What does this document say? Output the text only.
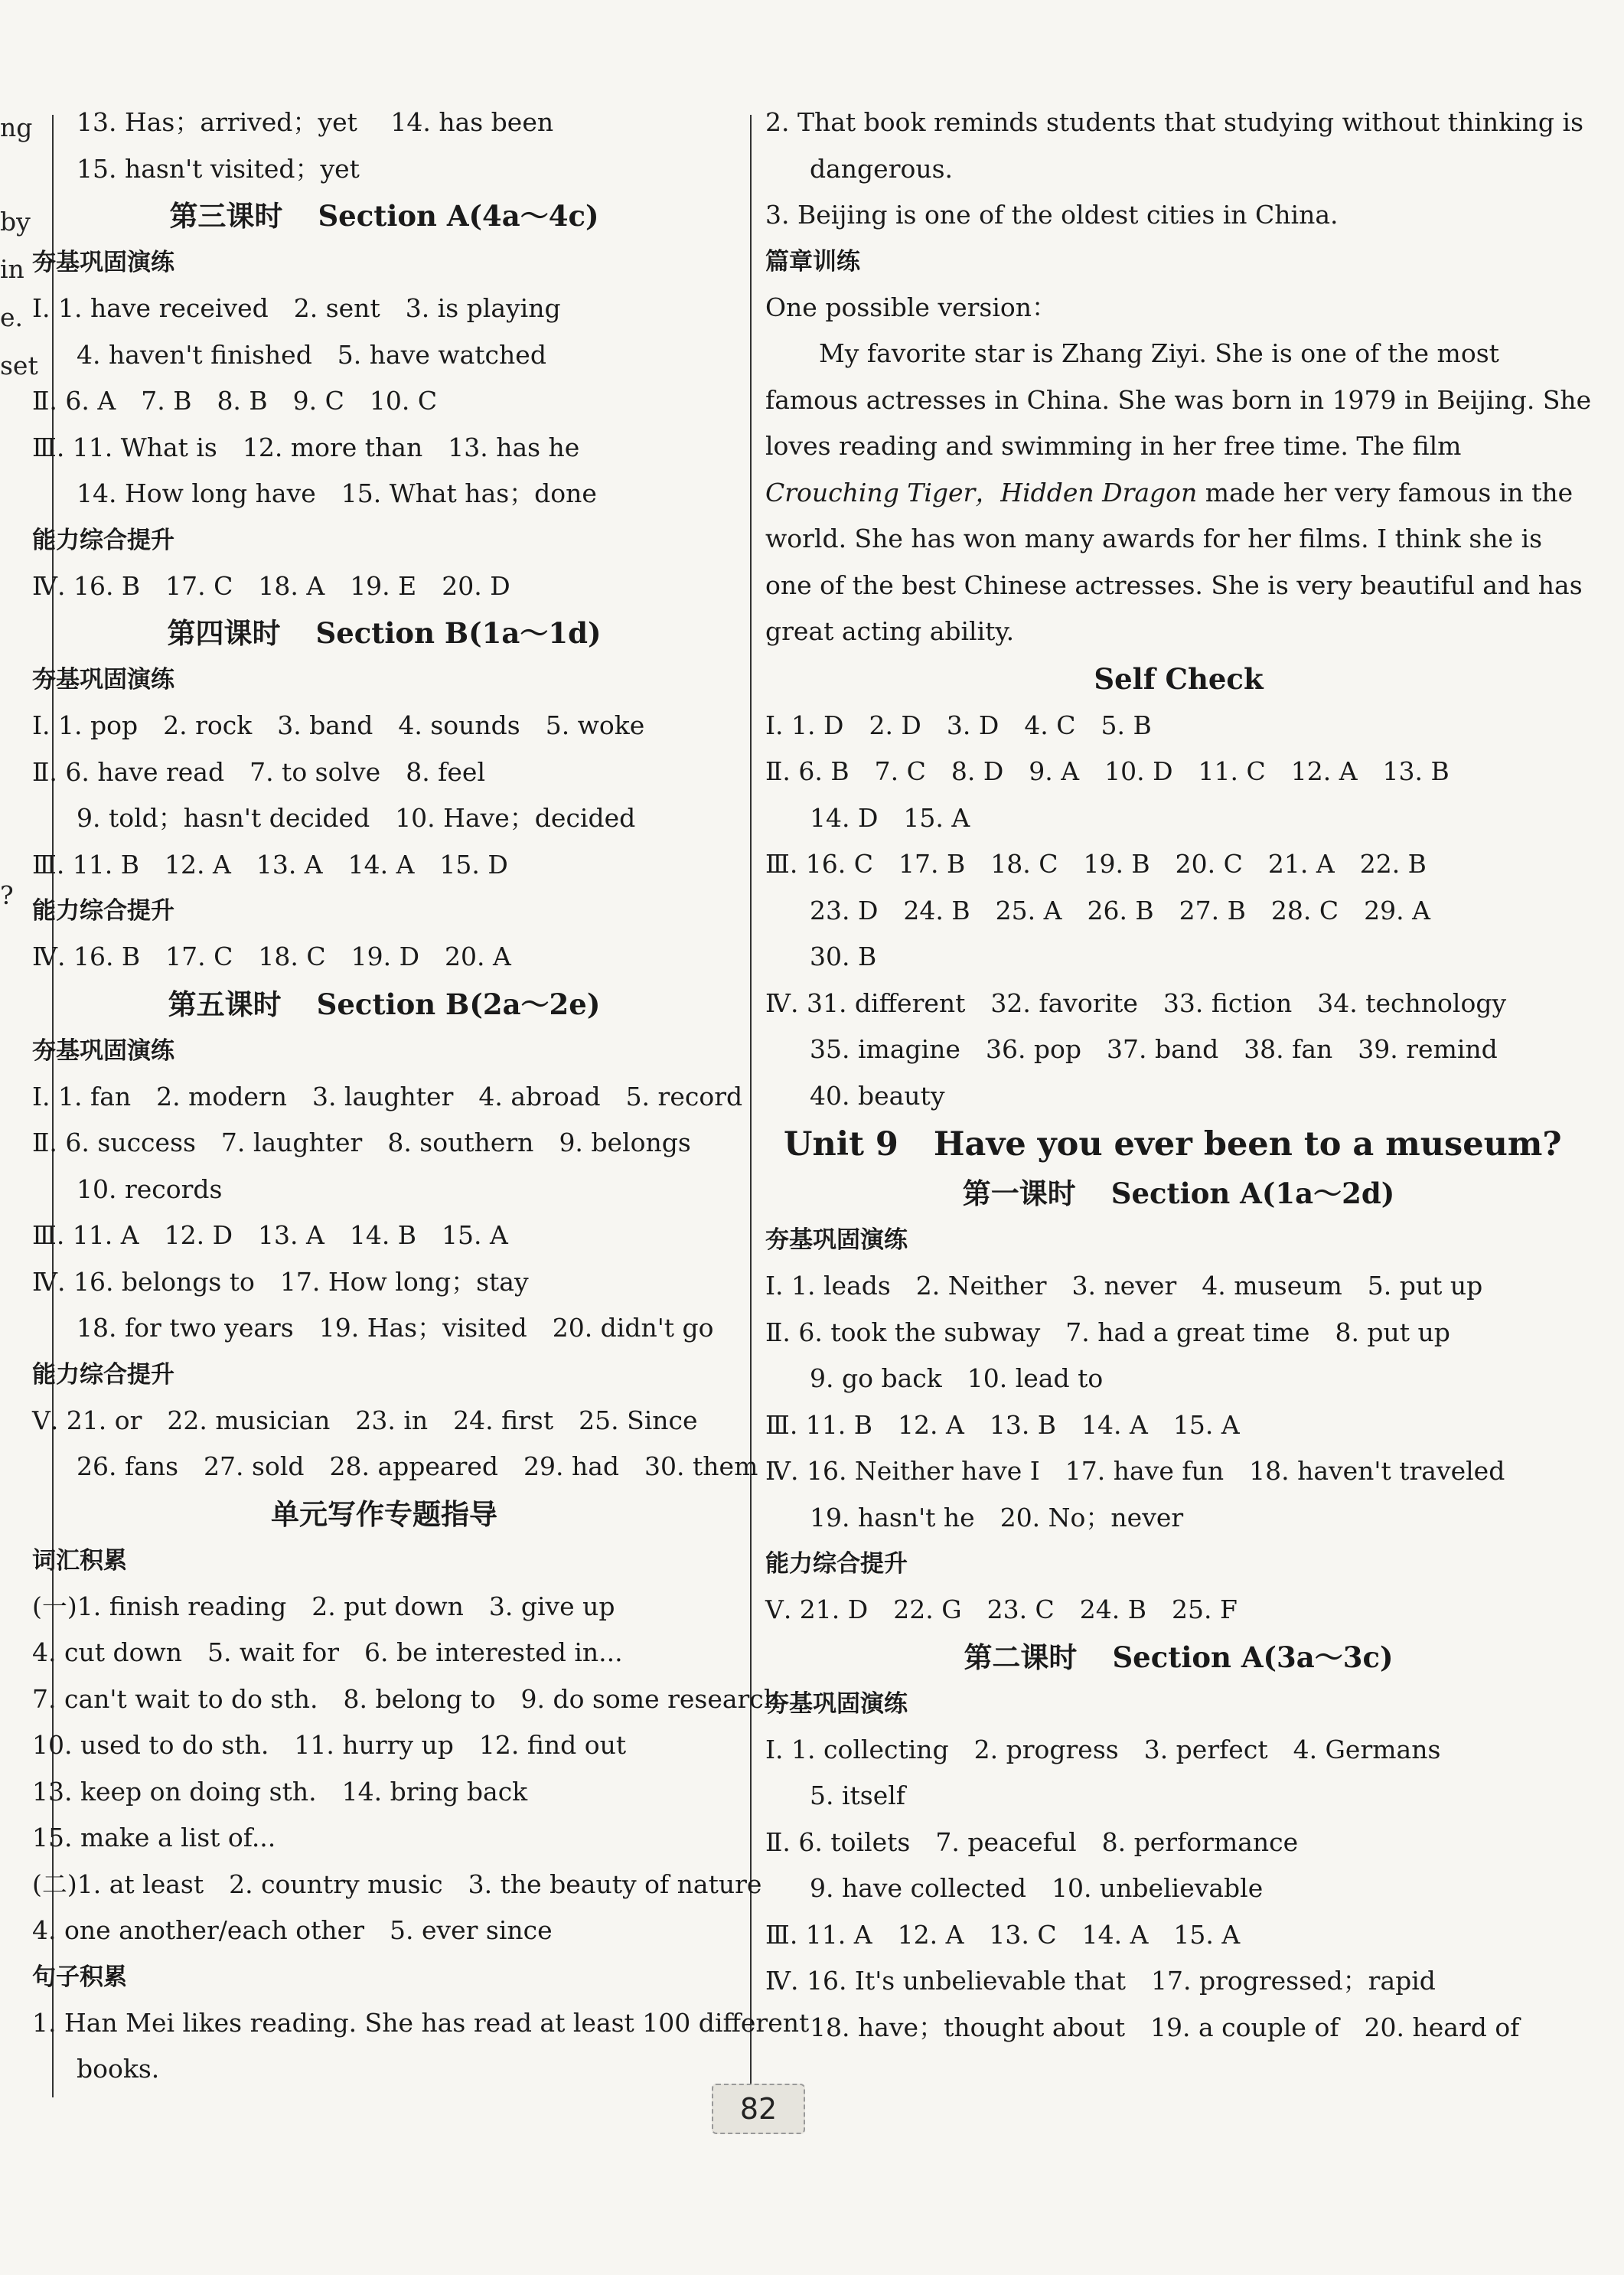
ng
by
in
e.
set
?
13. Has；arrived；yet　 14. has been
15. hasn't visited；yet
第三课时 Section A(4a～4c)
夯基巩固演练
Ⅰ. 1. have received　2. sent　3. is playing
4. haven't finished　5. have watched
Ⅱ. 6. A　7. B　8. B　9. C　10. C
Ⅲ. 11. What is　12. more than　13. has he
14. How long have　15. What has；done
能力综合提升
Ⅳ. 16. B　17. C　18. A　19. E　20. D
第四课时 Section B(1a～1d)
夯基巩固演练
Ⅰ. 1. pop　2. rock　3. band　4. sounds　5. woke
Ⅱ. 6. have read　7. to solve　8. feel
9. told；hasn't decided　10. Have；decided
Ⅲ. 11. B　12. A　13. A　14. A　15. D
能力综合提升
Ⅳ. 16. B　17. C　18. C　19. D　20. A
第五课时 Section B(2a～2e)
夯基巩固演练
Ⅰ. 1. fan　2. modern　3. laughter　4. abroad　5. record
Ⅱ. 6. success　7. laughter　8. southern　9. belongs
10. records
Ⅲ. 11. A　12. D　13. A　14. B　15. A
Ⅳ. 16. belongs to　17. How long；stay
18. for two years　19. Has；visited　20. didn't go
能力综合提升
Ⅴ. 21. or　22. musician　23. in　24. first　25. Since
26. fans　27. sold　28. appeared　29. had　30. them
单元写作专题指导
词汇积累
(一)1. finish reading　2. put down　3. give up
4. cut down　5. wait for　6. be interested in...
7. can't wait to do sth.　8. belong to　9. do some research
10. used to do sth.　11. hurry up　12. find out
13. keep on doing sth.　14. bring back
15. make a list of...
(二)1. at least　2. country music　3. the beauty of nature
4. one another/each other　5. ever since
句子积累
1. Han Mei likes reading. She has read at least 100 different
books.
2. That book reminds students that studying without thinking is
dangerous.
3. Beijing is one of the oldest cities in China.
篇章训练
One possible version：
My favorite star is Zhang Ziyi. She is one of the most famous actresses in China. She was born in 1979 in Beijing. She loves reading and swimming in her free time. The film Crouching Tiger，Hidden Dragon made her very famous in the world. She has won many awards for her films. I think she is one of the best Chinese actresses. She is very beautiful and has great acting ability.
Self Check
Ⅰ. 1. D　2. D　3. D　4. C　5. B
Ⅱ. 6. B　7. C　8. D　9. A　10. D　11. C　12. A　13. B
14. D　15. A
Ⅲ. 16. C　17. B　18. C　19. B　20. C　21. A　22. B
23. D　24. B　25. A　26. B　27. B　28. C　29. A
30. B
Ⅳ. 31. different　32. favorite　33. fiction　34. technology
35. imagine　36. pop　37. band　38. fan　39. remind
40. beauty
Unit 9 Have you ever been to a museum?
第一课时 Section A(1a～2d)
夯基巩固演练
Ⅰ. 1. leads　2. Neither　3. never　4. museum　5. put up
Ⅱ. 6. took the subway　7. had a great time　8. put up
9. go back　10. lead to
Ⅲ. 11. B　12. A　13. B　14. A　15. A
Ⅳ. 16. Neither have I　17. have fun　18. haven't traveled
19. hasn't he　20. No；never
能力综合提升
Ⅴ. 21. D　22. G　23. C　24. B　25. F
第二课时 Section A(3a～3c)
夯基巩固演练
Ⅰ. 1. collecting　2. progress　3. perfect　4. Germans
5. itself
Ⅱ. 6. toilets　7. peaceful　8. performance
9. have collected　10. unbelievable
Ⅲ. 11. A　12. A　13. C　14. A　15. A
Ⅳ. 16. It's unbelievable that　17. progressed；rapid
18. have；thought about　19. a couple of　20. heard of
82
